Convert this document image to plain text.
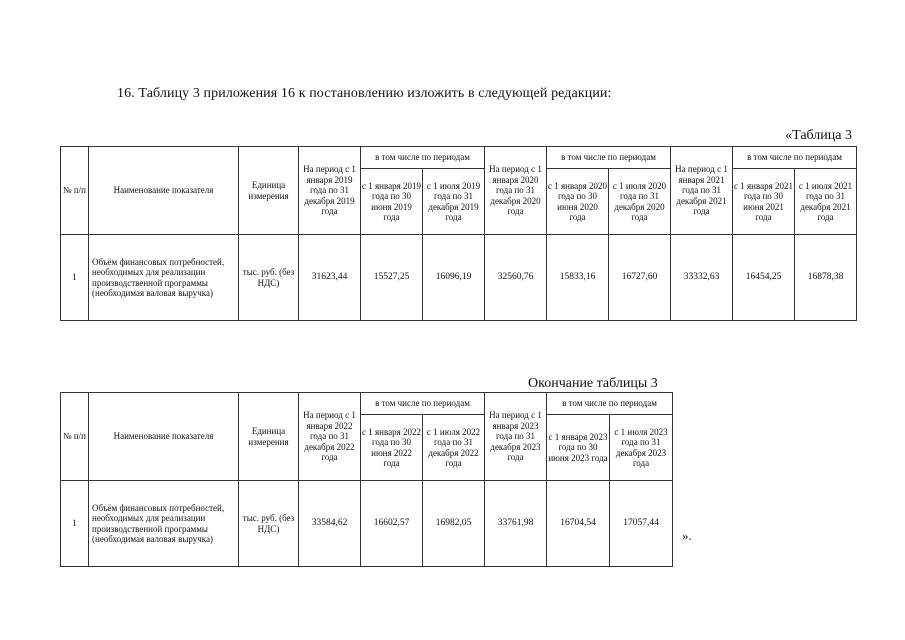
16. Таблицу 3 приложения 16 к постановлению изложить в следующей редакции:
«Таблица 3
№ п/п	Наименование показателя	Единица измерения	На период с 1 января 2019 года по 31 декабря 2019 года	в том числе по периодам		На период с 1 января 2020 года по 31 декабря 2020 года	в том числе по периодам		На период с 1 января 2021 года по 31 декабря 2021 года	в том числе по периодам	
				с 1 января 2019 года по 30 июня 2019 года	с 1 июля 2019 года по 31 декабря 2019 года		с 1 января 2020 года по 30 июня 2020 года	с 1 июля 2020 года по 31 декабря 2020 года		с 1 января 2021 года по 30 июня 2021 года	с 1 июля 2021 года по 31 декабря 2021 года
1	Объём финансовых потребностей, необходимых для реализации производственной программы (необходимая валовая выручка)	тыс. руб. (без НДС)	31623,44	15527,25	16096,19	32560,76	15833,16	16727,60	33332,63	16454,25	16878,38
Окончание таблицы 3
№ п/п	Наименование показателя	Единица измерения	На период с 1 января 2022 года по 31 декабря 2022 года	в том числе по периодам		На период с 1 января 2023 года по 31 декабря 2023 года	в том числе по периодам	
				с 1 января 2022 года по 30 июня 2022 года	с 1 июля 2022 года по 31 декабря 2022 года		с 1 января 2023 года по 30 июня 2023 года	с 1 июля 2023 года по 31 декабря 2023 года
1	Объём финансовых потребностей, необходимых для реализации производственной программы (необходимая валовая выручка)	тыс. руб. (без НДС)	33584,62	16602,57	16982,05	33761,98	16704,54	17057,44
».
